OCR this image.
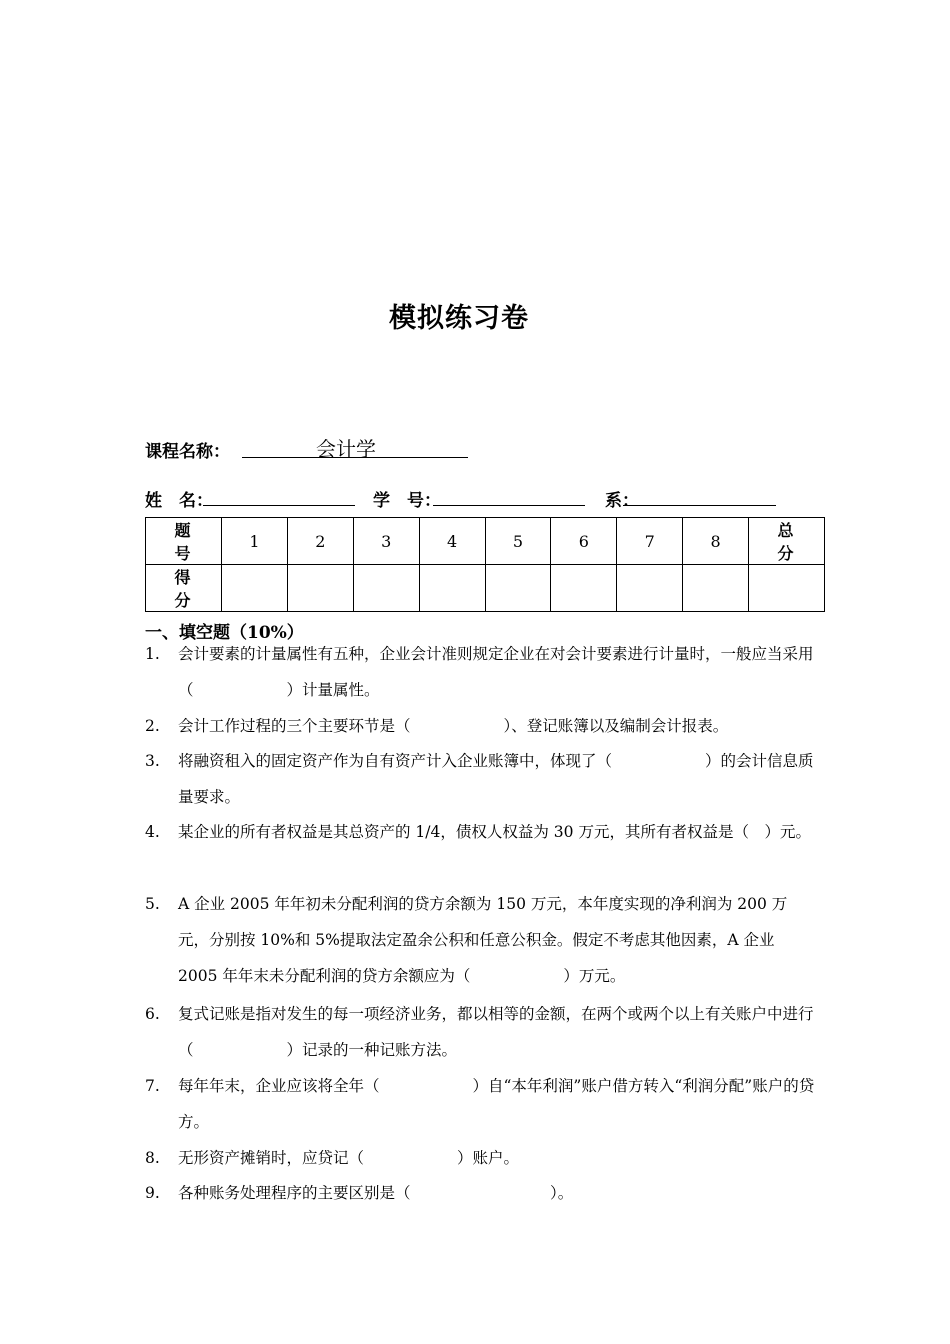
模拟练习卷
课程名称：	会计学
姓　名：	学　号：	系：
题 号	1	2	3	4	5	6	7	8	总 分
得 分									
一、填空题（10%）
1. 会计要素的计量属性有五种，企业会计准则规定企业在对会计要素进行计量时，一般应当采用（　　　　　　）计量属性。
2. 会计工作过程的三个主要环节是（　　　　　　）、登记账簿以及编制会计报表。
3. 将融资租入的固定资产作为自有资产计入企业账簿中，体现了（　　　　　　）的会计信息质量要求。
4. 某企业的所有者权益是其总资产的 1/4，债权人权益为 30 万元，其所有者权益是（　）元。
5. A 企业 2005 年年初未分配利润的贷方余额为 150 万元，本年度实现的净利润为 200 万元，分别按 10%和 5%提取法定盈余公积和任意公积金。假定不考虑其他因素，A 企业 2005 年年末未分配利润的贷方余额应为（　　　　　　）万元。
6. 复式记账是指对发生的每一项经济业务，都以相等的金额，在两个或两个以上有关账户中进行（　　　　　　）记录的一种记账方法。
7. 每年年末，企业应该将全年（　　　　　　）自“本年利润”账户借方转入“利润分配”账户的贷方。
8. 无形资产摊销时，应贷记（　　　　　　）账户。
9. 各种账务处理程序的主要区别是（　　　　　　　　　）。
